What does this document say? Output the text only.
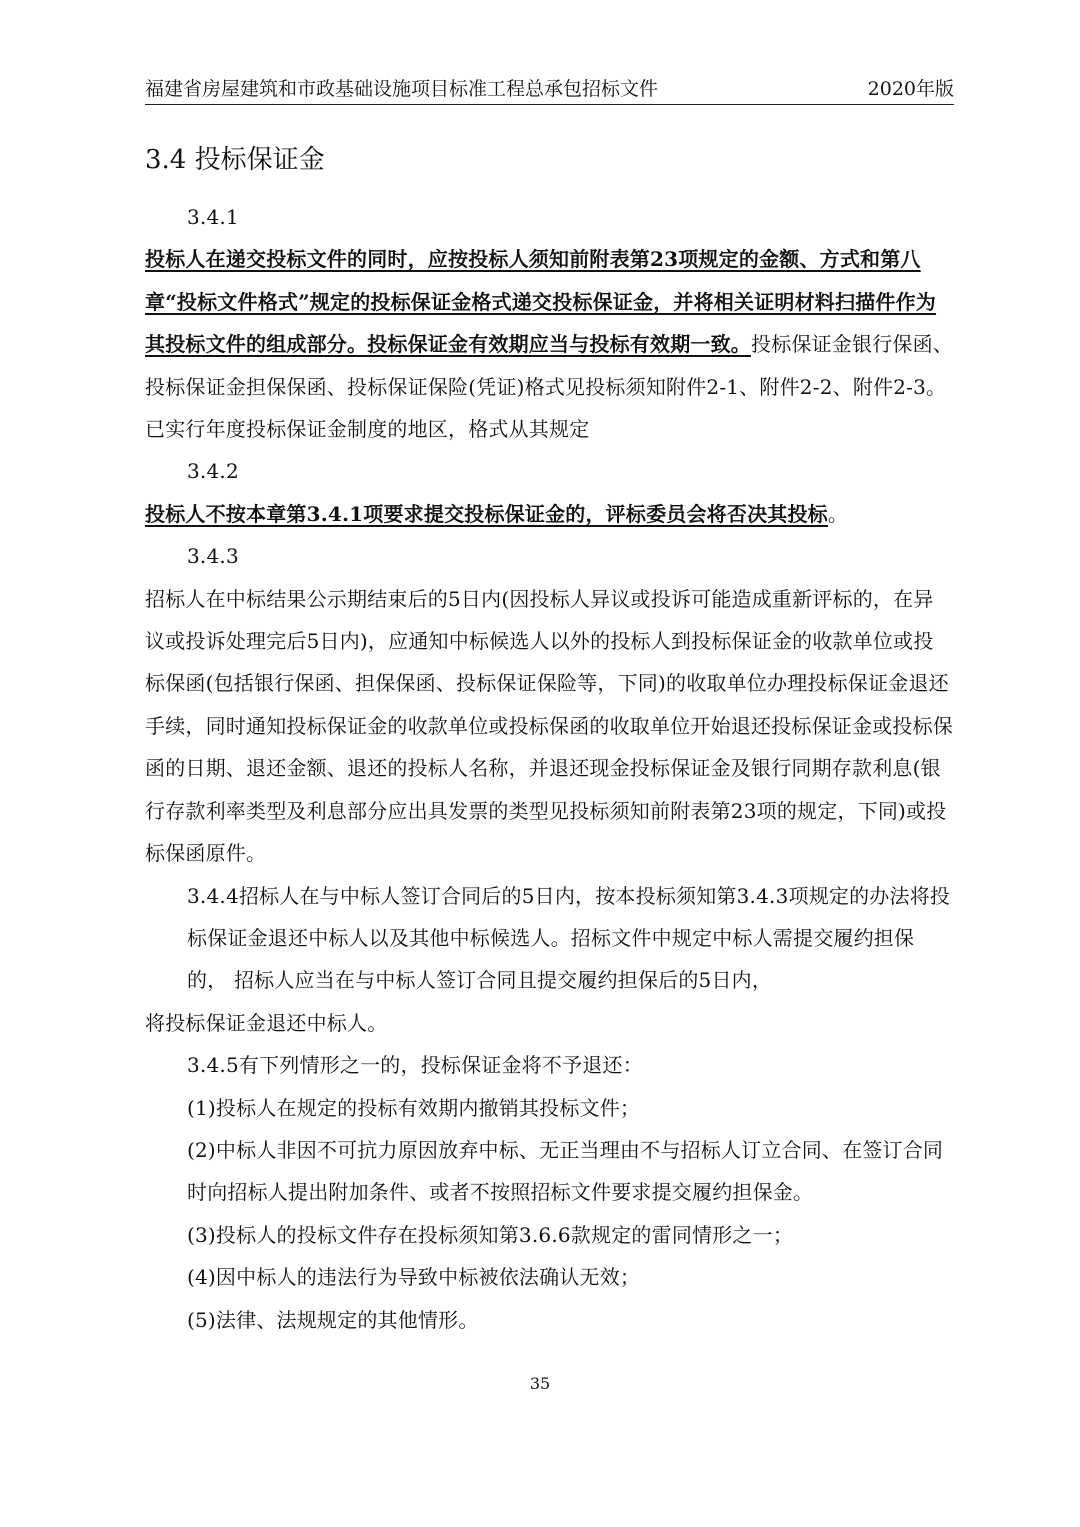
福建省房屋建筑和市政基础设施项目标准工程总承包招标文件	2020年版
3.4 投标保证金
3.4.1

投标人在递交投标文件的同时，应按投标人须知前附表第23项规定的金额、方式和第八章“投标文件格式”规定的投标保证金格式递交投标保证金，并将相关证明材料扫描件作为其投标文件的组成部分。投标保证金有效期应当与投标有效期一致。投标保证金银行保函、投标保证金担保保函、投标保证保险(凭证)格式见投标须知附件2-1、附件2-2、附件2-3。已实行年度投标保证金制度的地区，格式从其规定

3.4.2

投标人不按本章第3.4.1项要求提交投标保证金的，评标委员会将否决其投标。

3.4.3

招标人在中标结果公示期结束后的5日内(因投标人异议或投诉可能造成重新评标的，在异议或投诉处理完后5日内)，应通知中标候选人以外的投标人到投标保证金的收款单位或投标保函(包括银行保函、担保保函、投标保证保险等，下同)的收取单位办理投标保证金退还手续，同时通知投标保证金的收款单位或投标保函的收取单位开始退还投标保证金或投标保函的日期、退还金额、退还的投标人名称，并退还现金投标保证金及银行同期存款利息(银行存款利率类型及利息部分应出具发票的类型见投标须知前附表第23项的规定，下同)或投标保函原件。

3.4.4招标人在与中标人签订合同后的5日内，按本投标须知第3.4.3项规定的办法将投标保证金退还中标人以及其他中标候选人。招标文件中规定中标人需提交履约担保的， 招标人应当在与中标人签订合同且提交履约担保后的5日内，

将投标保证金退还中标人。

3.4.5有下列情形之一的，投标保证金将不予退还：

(1)投标人在规定的投标有效期内撤销其投标文件；

(2)中标人非因不可抗力原因放弃中标、无正当理由不与招标人订立合同、在签订合同时向招标人提出附加条件、或者不按照招标文件要求提交履约担保金。

(3)投标人的投标文件存在投标须知第3.6.6款规定的雷同情形之一；

(4)因中标人的违法行为导致中标被依法确认无效；

(5)法律、法规规定的其他情形。

35
